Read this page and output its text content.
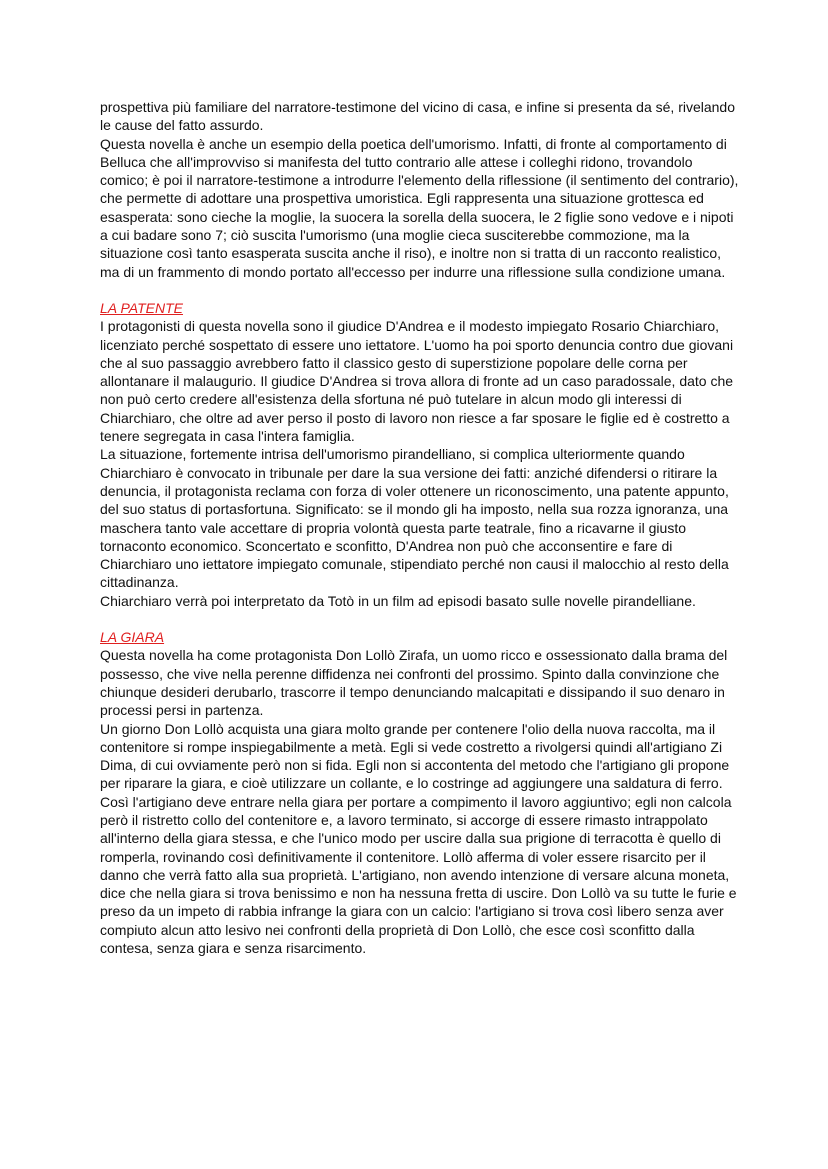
prospettiva più familiare del narratore-testimone del vicino di casa, e infine si presenta da sé, rivelando le cause del fatto assurdo.

Questa novella è anche un esempio della poetica dell'umorismo. Infatti, di fronte al comportamento di Belluca che all'improvviso si manifesta del tutto contrario alle attese i colleghi ridono, trovandolo comico; è poi il narratore-testimone a introdurre l'elemento della riflessione (il sentimento del contrario), che permette di adottare una prospettiva umoristica. Egli rappresenta una situazione grottesca ed esasperata: sono cieche la moglie, la suocera la sorella della suocera, le 2 figlie sono vedove e i nipoti a cui badare sono 7; ciò suscita l'umorismo (una moglie cieca susciterebbe commozione, ma la situazione così tanto esasperata suscita anche il riso), e inoltre non si tratta di un racconto realistico, ma di un frammento di mondo portato all'eccesso per indurre una riflessione sulla condizione umana.

LA PATENTE

I protagonisti di questa novella sono il giudice D'Andrea e il modesto impiegato Rosario Chiarchiaro, licenziato perché sospettato di essere uno iettatore. L'uomo ha poi sporto denuncia contro due giovani che al suo passaggio avrebbero fatto il classico gesto di superstizione popolare delle corna per allontanare il malaugurio. Il giudice D'Andrea si trova allora di fronte ad un caso paradossale, dato che non può certo credere all'esistenza della sfortuna né può tutelare in alcun modo gli interessi di Chiarchiaro, che oltre ad aver perso il posto di lavoro non riesce a far sposare le figlie ed è costretto a tenere segregata in casa l'intera famiglia.

La situazione, fortemente intrisa dell'umorismo pirandelliano, si complica ulteriormente quando Chiarchiaro è convocato in tribunale per dare la sua versione dei fatti: anziché difendersi o ritirare la denuncia, il protagonista reclama con forza di voler ottenere un riconoscimento, una patente appunto, del suo status di portasfortuna. Significato: se il mondo gli ha imposto, nella sua rozza ignoranza, una maschera tanto vale accettare di propria volontà questa parte teatrale, fino a ricavarne il giusto tornaconto economico. Sconcertato e sconfitto, D'Andrea non può che acconsentire e fare di Chiarchiaro uno iettatore impiegato comunale, stipendiato perché non causi il malocchio al resto della cittadinanza.

Chiarchiaro verrà poi interpretato da Totò in un film ad episodi basato sulle novelle pirandelliane.

LA GIARA

Questa novella ha come protagonista Don Lollò Zirafa, un uomo ricco e ossessionato dalla brama del possesso, che vive nella perenne diffidenza nei confronti del prossimo. Spinto dalla convinzione che chiunque desideri derubarlo, trascorre il tempo denunciando malcapitati e dissipando il suo denaro in processi persi in partenza.

Un giorno Don Lollò acquista una giara molto grande per contenere l'olio della nuova raccolta, ma il contenitore si rompe inspiegabilmente a metà. Egli si vede costretto a rivolgersi quindi all'artigiano Zi Dima, di cui ovviamente però non si fida. Egli non si accontenta del metodo che l'artigiano gli propone per riparare la giara, e cioè utilizzare un collante, e lo costringe ad aggiungere una saldatura di ferro. Così l'artigiano deve entrare nella giara per portare a compimento il lavoro aggiuntivo; egli non calcola però il ristretto collo del contenitore e, a lavoro terminato, si accorge di essere rimasto intrappolato all'interno della giara stessa, e che l'unico modo per uscire dalla sua prigione di terracotta è quello di romperla, rovinando così definitivamente il contenitore. Lollò afferma di voler essere risarcito per il danno che verrà fatto alla sua proprietà. L'artigiano, non avendo intenzione di versare alcuna moneta, dice che nella giara si trova benissimo e non ha nessuna fretta di uscire. Don Lollò va su tutte le furie e preso da un impeto di rabbia infrange la giara con un calcio: l'artigiano si trova così libero senza aver compiuto alcun atto lesivo nei confronti della proprietà di Don Lollò, che esce così sconfitto dalla contesa, senza giara e senza risarcimento.
